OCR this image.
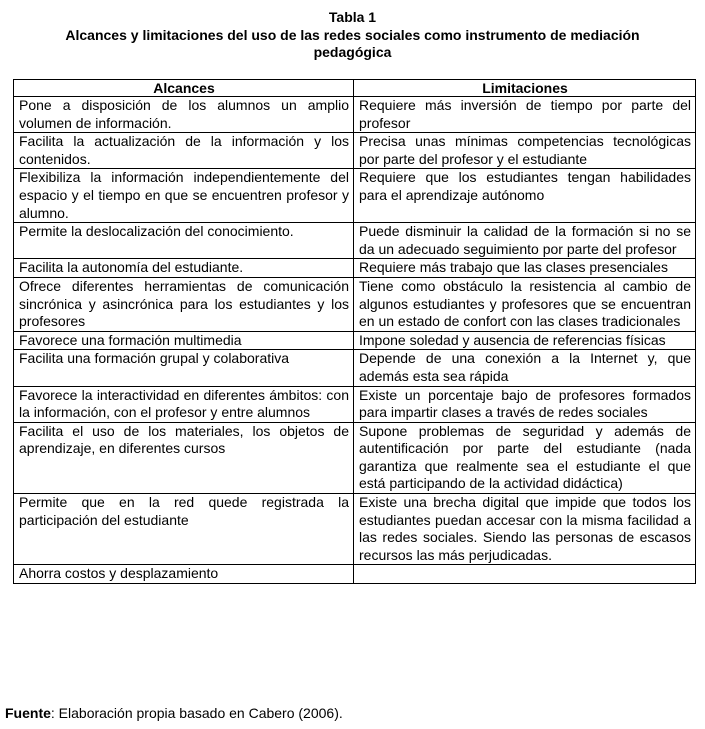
Tabla 1
Alcances y limitaciones del uso de las redes sociales como instrumento de mediación pedagógica
Alcances	Limitaciones
Pone a disposición de los alumnos un amplio volumen de información.	Requiere más inversión de tiempo por parte del profesor
Facilita la actualización de la información y los contenidos.	Precisa unas mínimas competencias tecnológicas por parte del profesor y el estudiante
Flexibiliza la información independientemente del espacio y el tiempo en que se encuentren profesor y alumno.	Requiere que los estudiantes tengan habilidades para el aprendizaje autónomo
Permite la deslocalización del conocimiento.	Puede disminuir la calidad de la formación si no se da un adecuado seguimiento por parte del profesor
Facilita la autonomía del estudiante.	Requiere más trabajo que las clases presenciales
Ofrece diferentes herramientas de comunicación sincrónica y asincrónica para los estudiantes y los profesores	Tiene como obstáculo la resistencia al cambio de algunos estudiantes y profesores que se encuentran en un estado de confort con las clases tradicionales
Favorece una formación multimedia	Impone soledad y ausencia de referencias físicas
Facilita una formación grupal y colaborativa	Depende de una conexión a la Internet y, que además esta sea rápida
Favorece la interactividad en diferentes ámbitos: con la información, con el profesor y entre alumnos	Existe un porcentaje bajo de profesores formados para impartir clases a través de redes sociales
Facilita el uso de los materiales, los objetos de aprendizaje, en diferentes cursos	Supone problemas de seguridad y además de autentificación por parte del estudiante (nada garantiza que realmente sea el estudiante el que está participando de la actividad didáctica)
Permite que en la red quede registrada la participación del estudiante	Existe una brecha digital que impide que todos los estudiantes puedan accesar con la misma facilidad a las redes sociales. Siendo las personas de escasos recursos las más perjudicadas.
Ahorra costos y desplazamiento	
Fuente: Elaboración propia basado en Cabero (2006).
